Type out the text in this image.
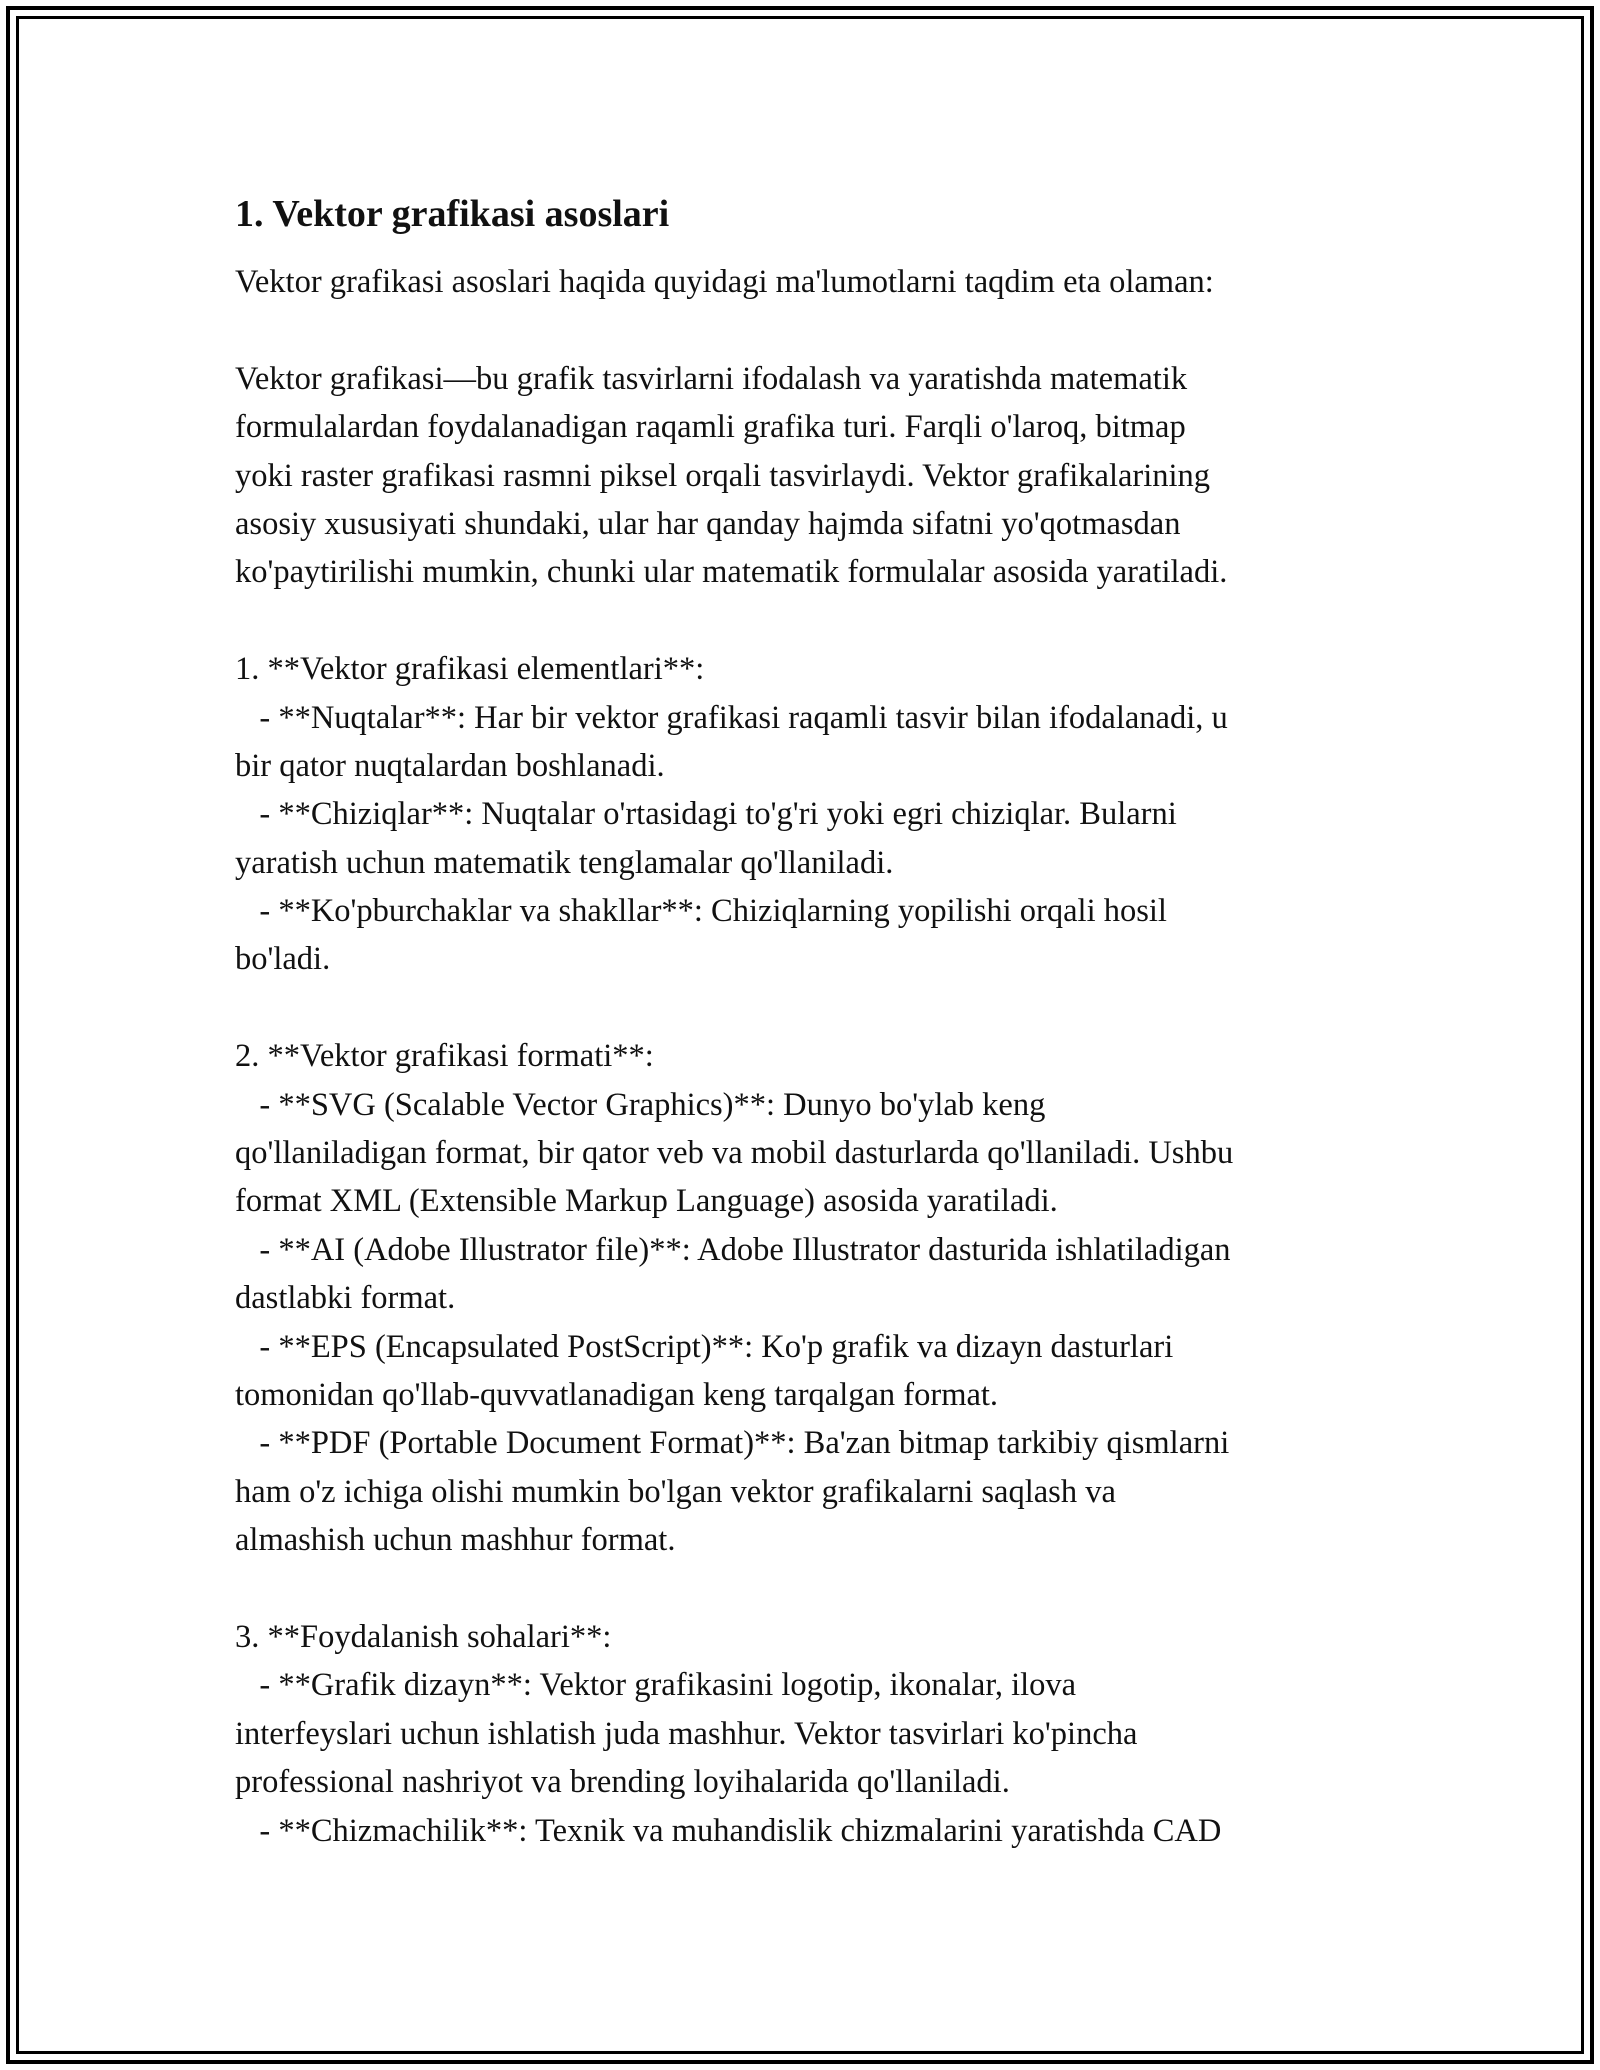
1. Vektor grafikasi asoslari
Vektor grafikasi asoslari haqida quyidagi ma'lumotlarni taqdim eta olaman:
Vektor grafikasi—bu grafik tasvirlarni ifodalash va yaratishda matematik
formulalardan foydalanadigan raqamli grafika turi. Farqli o'laroq, bitmap
yoki raster grafikasi rasmni piksel orqali tasvirlaydi. Vektor grafikalarining
asosiy xususiyati shundaki, ular har qanday hajmda sifatni yo'qotmasdan
ko'paytirilishi mumkin, chunki ular matematik formulalar asosida yaratiladi.
1. **Vektor grafikasi elementlari**:
- **Nuqtalar**: Har bir vektor grafikasi raqamli tasvir bilan ifodalanadi, u
bir qator nuqtalardan boshlanadi.
- **Chiziqlar**: Nuqtalar o'rtasidagi to'g'ri yoki egri chiziqlar. Bularni
yaratish uchun matematik tenglamalar qo'llaniladi.
- **Ko'pburchaklar va shakllar**: Chiziqlarning yopilishi orqali hosil
bo'ladi.
2. **Vektor grafikasi formati**:
- **SVG (Scalable Vector Graphics)**: Dunyo bo'ylab keng
qo'llaniladigan format, bir qator veb va mobil dasturlarda qo'llaniladi. Ushbu
format XML (Extensible Markup Language) asosida yaratiladi.
- **AI (Adobe Illustrator file)**: Adobe Illustrator dasturida ishlatiladigan
dastlabki format.
- **EPS (Encapsulated PostScript)**: Ko'p grafik va dizayn dasturlari
tomonidan qo'llab-quvvatlanadigan keng tarqalgan format.
- **PDF (Portable Document Format)**: Ba'zan bitmap tarkibiy qismlarni
ham o'z ichiga olishi mumkin bo'lgan vektor grafikalarni saqlash va
almashish uchun mashhur format.
3. **Foydalanish sohalari**:
- **Grafik dizayn**: Vektor grafikasini logotip, ikonalar, ilova
interfeyslari uchun ishlatish juda mashhur. Vektor tasvirlari ko'pincha
professional nashriyot va brending loyihalarida qo'llaniladi.
- **Chizmachilik**: Texnik va muhandislik chizmalarini yaratishda CAD
